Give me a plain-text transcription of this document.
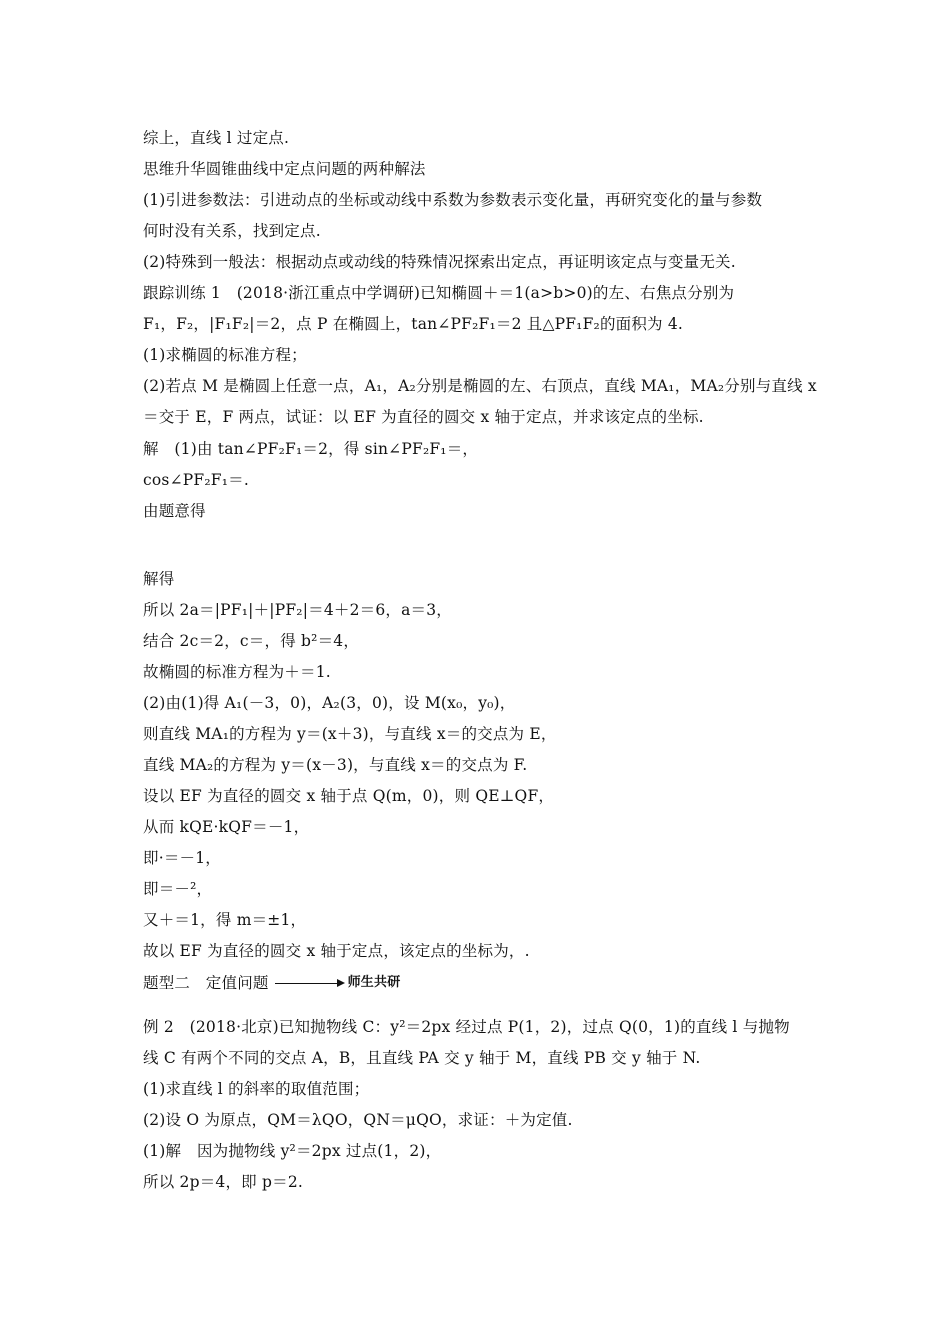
综上，直线 l 过定点.
思维升华圆锥曲线中定点问题的两种解法
(1)引进参数法：引进动点的坐标或动线中系数为参数表示变化量，再研究变化的量与参数
何时没有关系，找到定点.
(2)特殊到一般法：根据动点或动线的特殊情况探索出定点，再证明该定点与变量无关.
跟踪训练 1　(2018·浙江重点中学调研)已知椭圆＋＝1(a>b>0)的左、右焦点分别为
F₁，F₂，|F₁F₂|＝2，点 P 在椭圆上，tan∠PF₂F₁＝2 且△PF₁F₂的面积为 4.
(1)求椭圆的标准方程；
(2)若点 M 是椭圆上任意一点，A₁，A₂分别是椭圆的左、右顶点，直线 MA₁，MA₂分别与直线 x
＝交于 E，F 两点，试证：以 EF 为直径的圆交 x 轴于定点，并求该定点的坐标.
解　(1)由 tan∠PF₂F₁＝2，得 sin∠PF₂F₁＝，
cos∠PF₂F₁＝.
由题意得
解得
所以 2a＝|PF₁|＋|PF₂|＝4＋2＝6，a＝3，
结合 2c＝2，c＝，得 b²＝4，
故椭圆的标准方程为＋＝1.
(2)由(1)得 A₁(－3，0)，A₂(3，0)，设 M(x₀，y₀)，
则直线 MA₁的方程为 y＝(x＋3)，与直线 x＝的交点为 E，
直线 MA₂的方程为 y＝(x－3)，与直线 x＝的交点为 F.
设以 EF 为直径的圆交 x 轴于点 Q(m，0)，则 QE⊥QF，
从而 kQE·kQF＝－1，
即·＝－1，
即＝－²，
又＋＝1，得 m＝±1，
故以 EF 为直径的圆交 x 轴于定点，该定点的坐标为，.
题型二　定值问题	师生共研
例 2　(2018·北京)已知抛物线 C：y²＝2px 经过点 P(1，2)，过点 Q(0，1)的直线 l 与抛物
线 C 有两个不同的交点 A，B，且直线 PA 交 y 轴于 M，直线 PB 交 y 轴于 N.
(1)求直线 l 的斜率的取值范围；
(2)设 O 为原点，QM＝λQO，QN＝μQO，求证：＋为定值.
(1)解　因为抛物线 y²＝2px 过点(1，2)，
所以 2p＝4，即 p＝2.
